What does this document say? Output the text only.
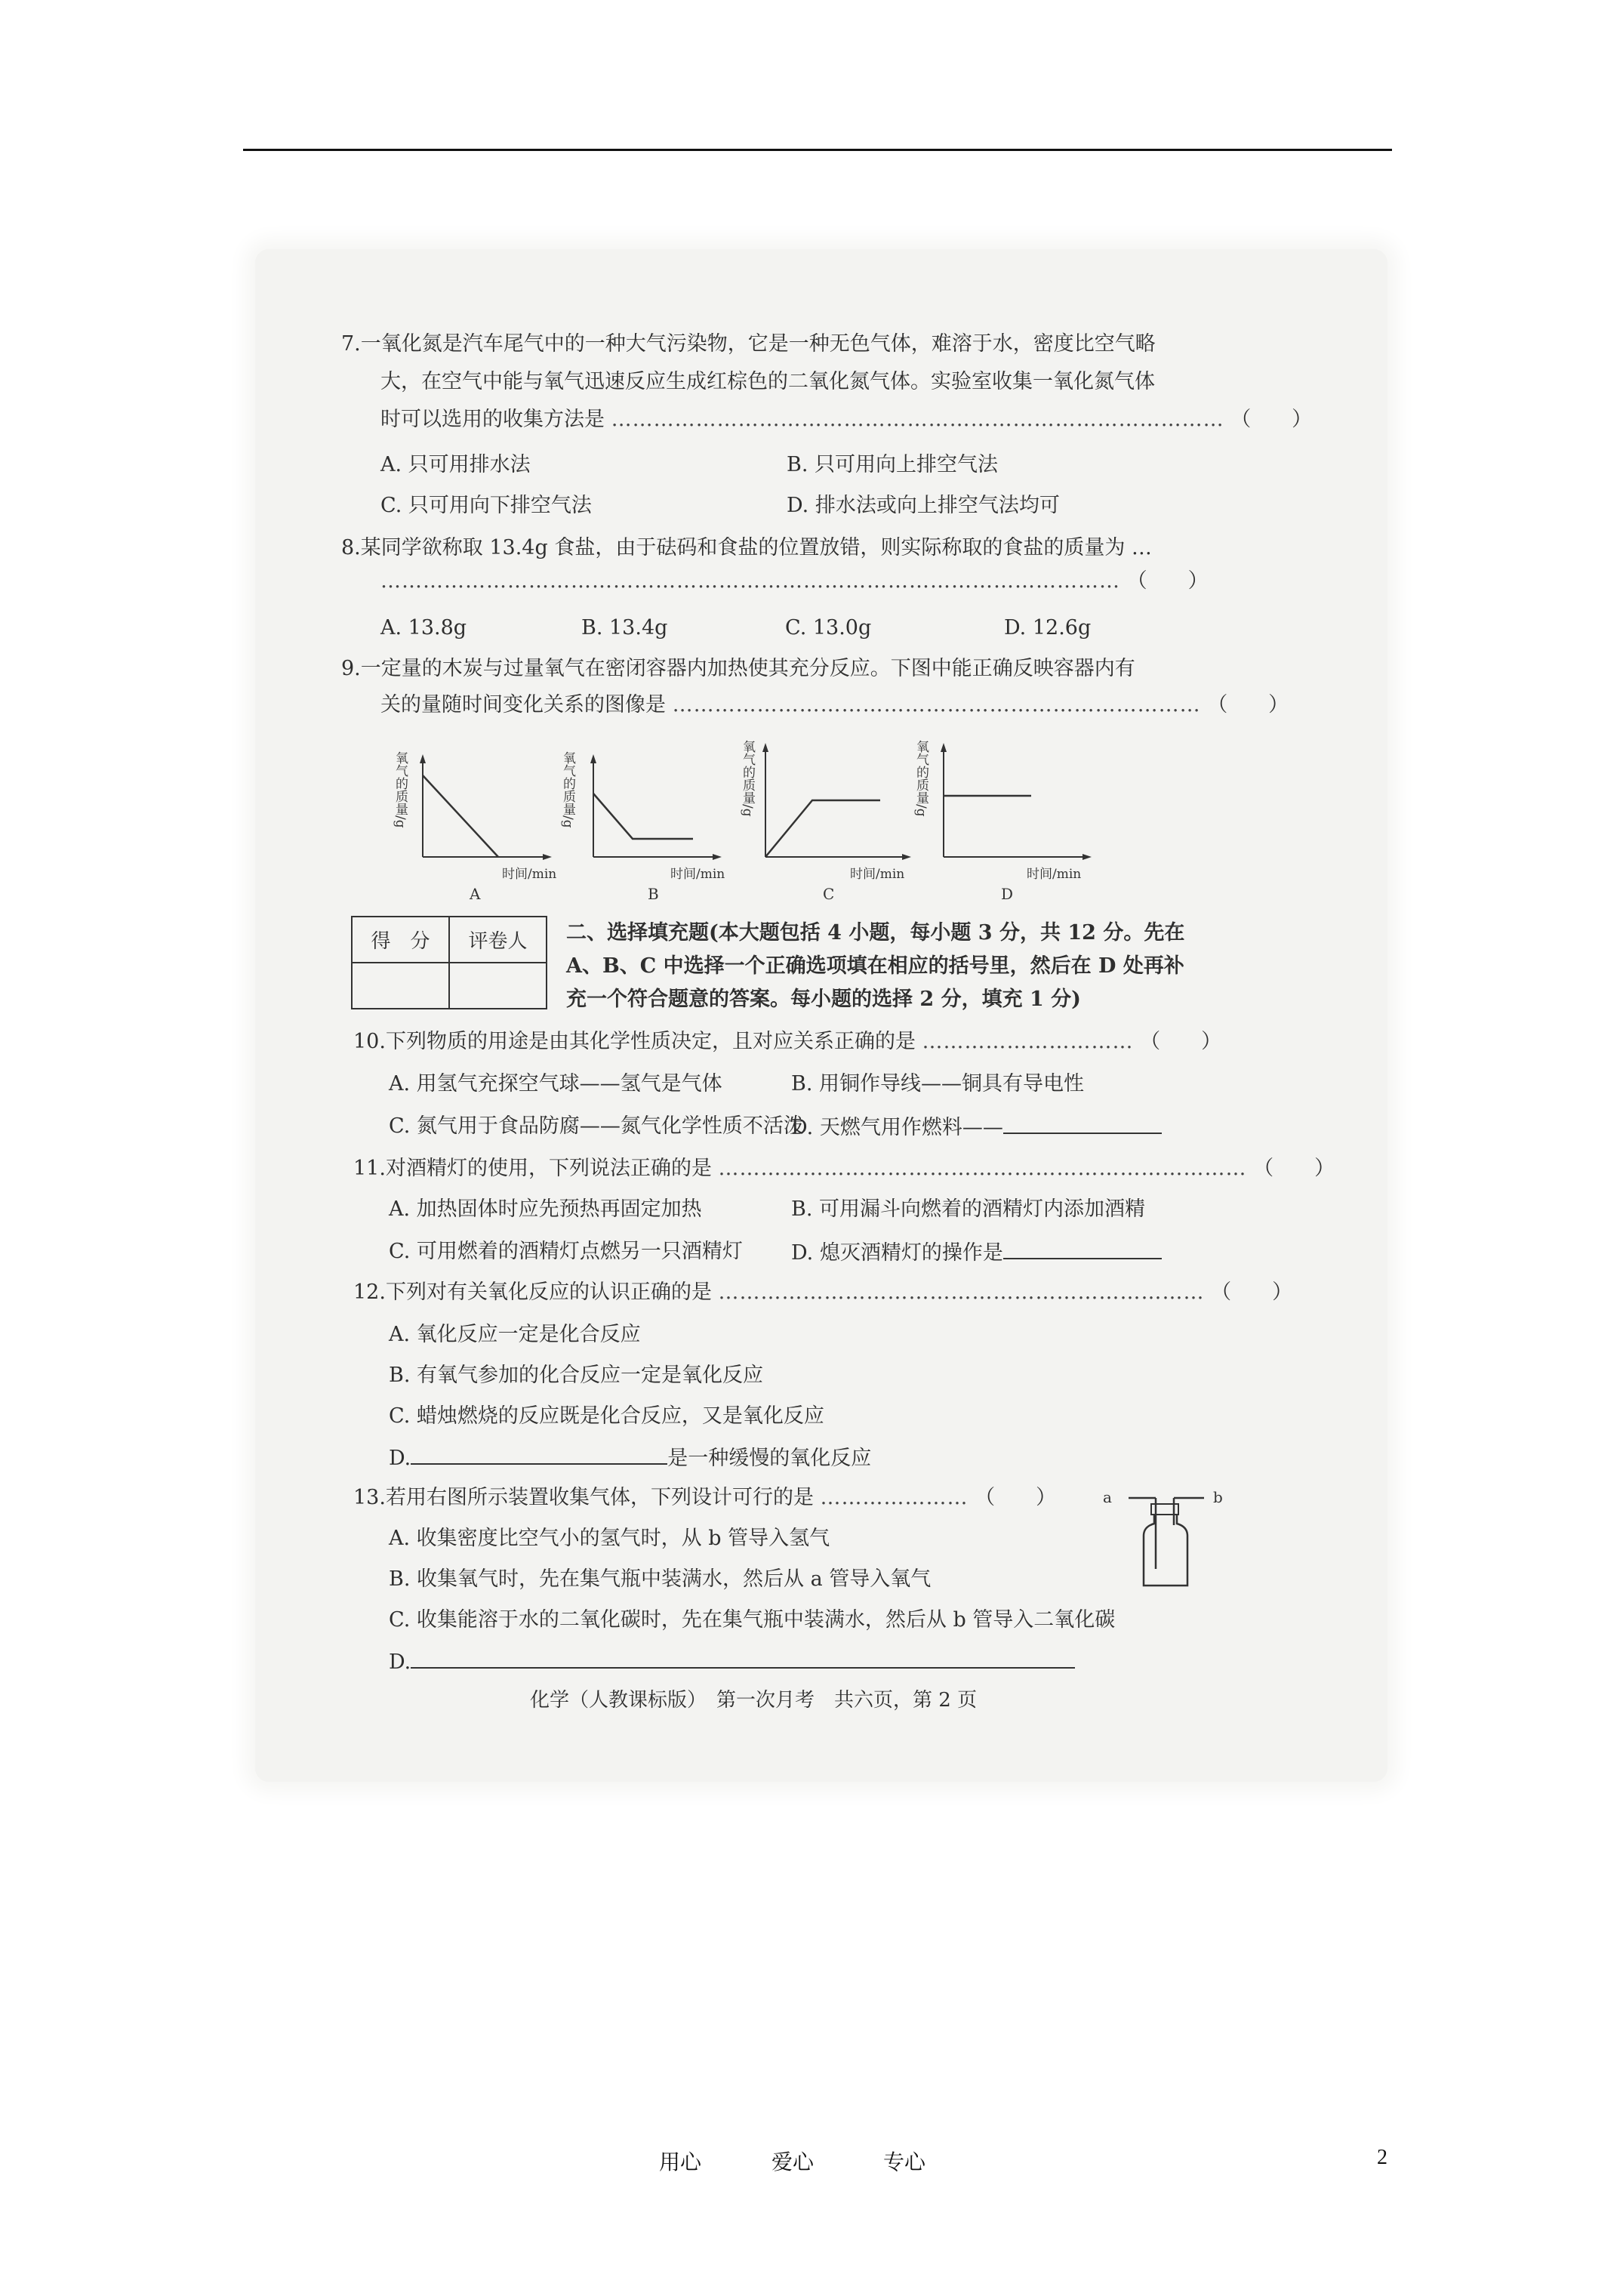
7.一氧化氮是汽车尾气中的一种大气污染物，它是一种无色气体，难溶于水，密度比空气略
大，在空气中能与氧气迅速反应生成红棕色的二氧化氮气体。实验室收集一氧化氮气体
时可以选用的收集方法是 …………………………………………………………………………… （　　）
A. 只可用排水法	B. 只可用向上排空气法
C. 只可用向下排空气法	D. 排水法或向上排空气法均可
8.某同学欲称取 13.4g 食盐，由于砝码和食盐的位置放错，则实际称取的食盐的质量为 …
…………………………………………………………………………………………… （　　）
A. 13.8g	B. 13.4g	C. 13.0g	D. 12.6g
9.一定量的木炭与过量氧气在密闭容器内加热使其充分反应。下图中能正确反映容器内有
关的量随时间变化关系的图像是 ………………………………………………………………… （　　）
氧气的质量/g
时间/min
A
氧气的质量/g
时间/min
B
氧气的质量/g
时间/min
C
氧气的质量/g
时间/min
D
得　分	评卷人
	二、选择填充题(本大题包括 4 小题，每小题 3 分，共 12 分。先在
A、B、C 中选择一个正确选项填在相应的括号里，然后在 D 处再补
充一个符合题意的答案。每小题的选择 2 分，填充 1 分)
10.下列物质的用途是由其化学性质决定，且对应关系正确的是 ………………………… （　　）
A. 用氢气充探空气球——氢气是气体	B. 用铜作导线——铜具有导电性
C. 氮气用于食品防腐——氮气化学性质不活泼
D. 天燃气用作燃料——
11.对酒精灯的使用，下列说法正确的是 ………………………………………………………………… （　　）
A. 加热固体时应先预热再固定加热	B. 可用漏斗向燃着的酒精灯内添加酒精
C. 可用燃着的酒精灯点燃另一只酒精灯 D. 熄灭酒精灯的操作是
12.下列对有关氧化反应的认识正确的是 …………………………………………………………… （　　）
A. 氧化反应一定是化合反应
B. 有氧气参加的化合反应一定是氧化反应
C. 蜡烛燃烧的反应既是化合反应，又是氧化反应
D.	是一种缓慢的氧化反应
13.若用右图所示装置收集气体，下列设计可行的是 ………………… （　　）
A. 收集密度比空气小的氢气时，从 b 管导入氢气
B. 收集氧气时，先在集气瓶中装满水，然后从 a 管导入氧气
C. 收集能溶于水的二氧化碳时，先在集气瓶中装满水，然后从 b 管导入二氧化碳
D.
a	b
化学（人教课标版）　第一次月考　共六页，第 2 页
用心	爱心	专心	2
